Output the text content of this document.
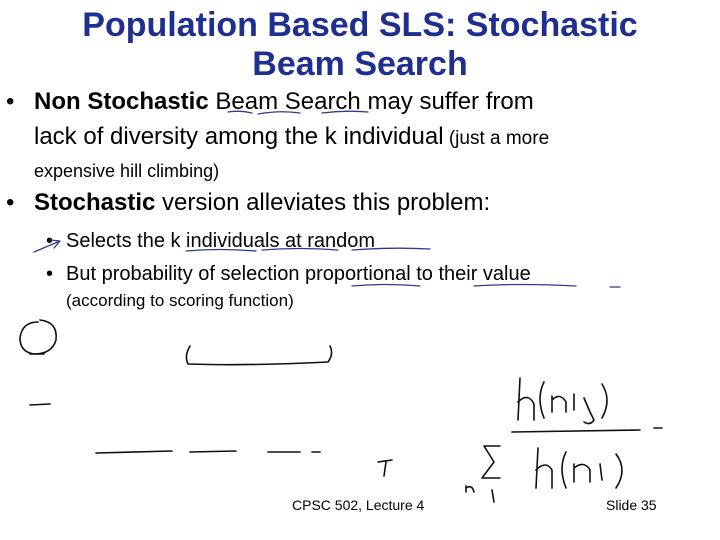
Population Based SLS: Stochastic
Beam Search
• Non Stochastic Beam Search may suffer from
lack of diversity among the k individual (just a more
expensive hill climbing)
• Stochastic version alleviates this problem:
• Selects the k individuals at random
• But probability of selection proportional to their value
(according to scoring function)
CPSC 502, Lecture 4	Slide 35
